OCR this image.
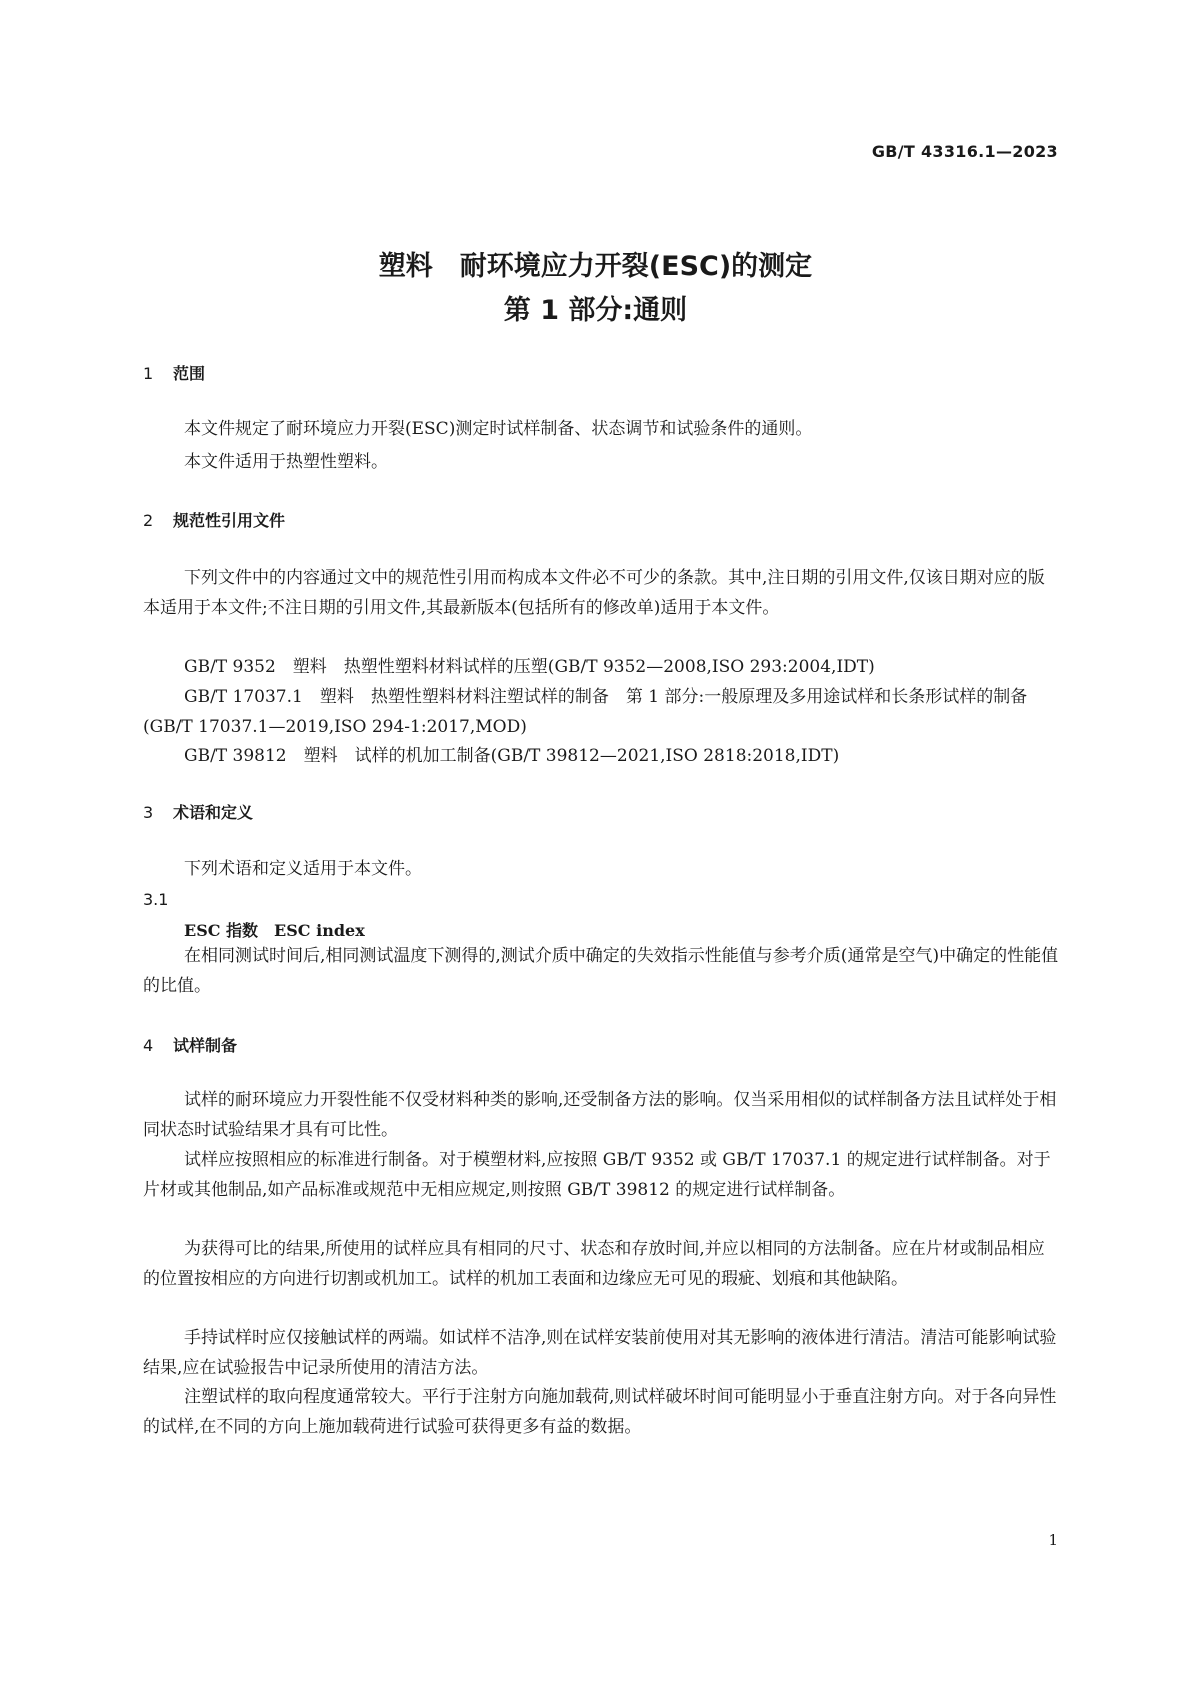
GB/T 43316.1—2023
塑料　耐环境应力开裂(ESC)的测定
第 1 部分:通则
1 范围
本文件规定了耐环境应力开裂(ESC)测定时试样制备、状态调节和试验条件的通则。
本文件适用于热塑性塑料。
2 规范性引用文件
下列文件中的内容通过文中的规范性引用而构成本文件必不可少的条款。其中,注日期的引用文件,仅该日期对应的版本适用于本文件;不注日期的引用文件,其最新版本(包括所有的修改单)适用于本文件。
GB/T 9352　塑料　热塑性塑料材料试样的压塑(GB/T 9352—2008,ISO 293:2004,IDT)
GB/T 17037.1　塑料　热塑性塑料材料注塑试样的制备　第 1 部分:一般原理及多用途试样和长条形试样的制备(GB/T 17037.1—2019,ISO 294-1:2017,MOD)
GB/T 39812　塑料　试样的机加工制备(GB/T 39812—2021,ISO 2818:2018,IDT)
3 术语和定义
下列术语和定义适用于本文件。
3.1
ESC 指数　ESC index
在相同测试时间后,相同测试温度下测得的,测试介质中确定的失效指示性能值与参考介质(通常是空气)中确定的性能值的比值。
4 试样制备
试样的耐环境应力开裂性能不仅受材料种类的影响,还受制备方法的影响。仅当采用相似的试样制备方法且试样处于相同状态时试验结果才具有可比性。
试样应按照相应的标准进行制备。对于模塑材料,应按照 GB/T 9352 或 GB/T 17037.1 的规定进行试样制备。对于片材或其他制品,如产品标准或规范中无相应规定,则按照 GB/T 39812 的规定进行试样制备。
为获得可比的结果,所使用的试样应具有相同的尺寸、状态和存放时间,并应以相同的方法制备。应在片材或制品相应的位置按相应的方向进行切割或机加工。试样的机加工表面和边缘应无可见的瑕疵、划痕和其他缺陷。
手持试样时应仅接触试样的两端。如试样不洁净,则在试样安装前使用对其无影响的液体进行清洁。清洁可能影响试验结果,应在试验报告中记录所使用的清洁方法。
注塑试样的取向程度通常较大。平行于注射方向施加载荷,则试样破坏时间可能明显小于垂直注射方向。对于各向异性的试样,在不同的方向上施加载荷进行试验可获得更多有益的数据。
1
